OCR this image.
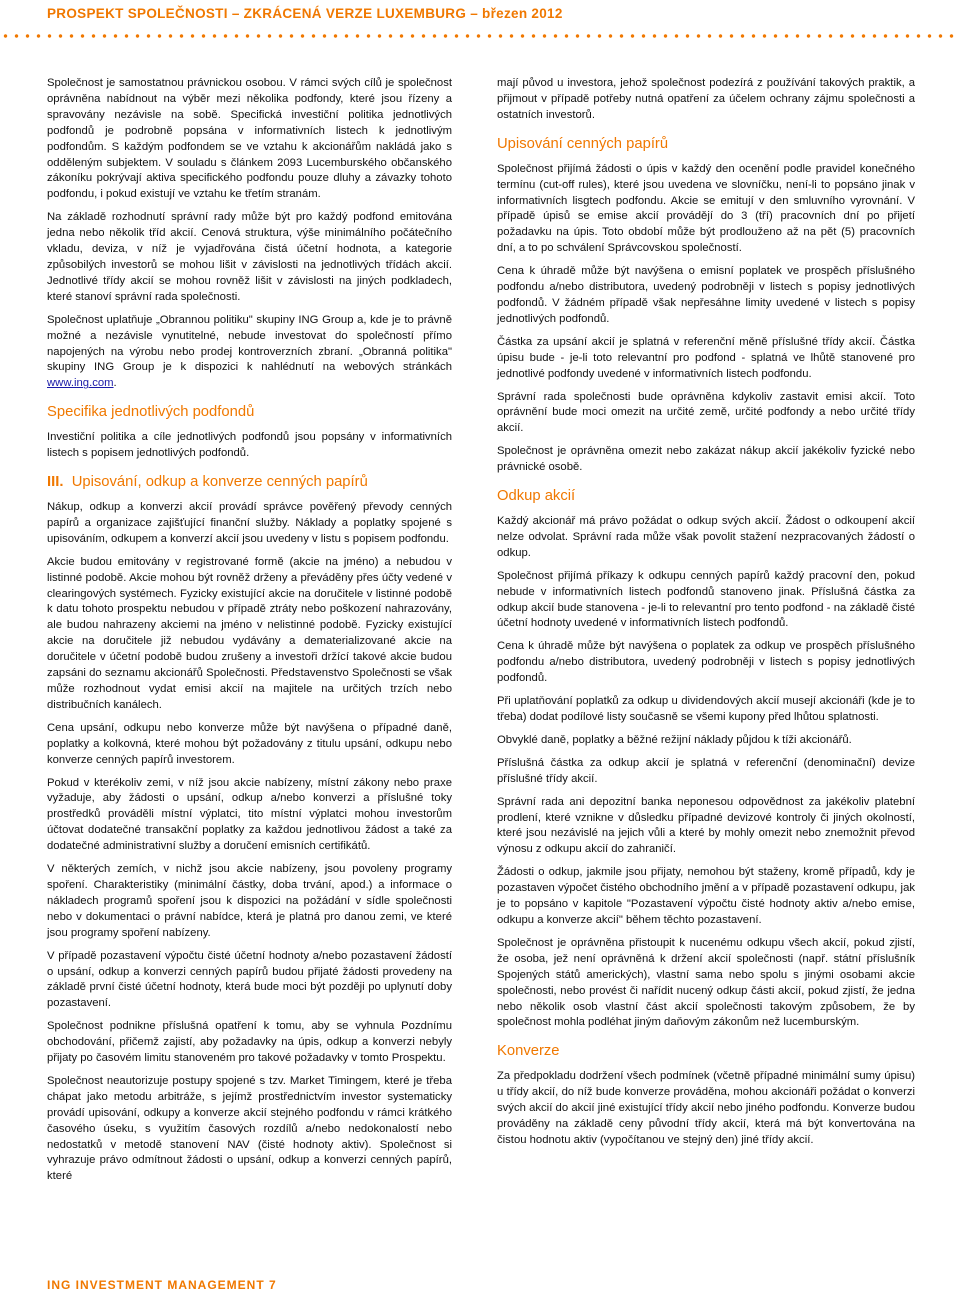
PROSPEKT SPOLEČNOSTI – ZKRÁCENÁ VERZE LUXEMBURG – březen 2012

Společnost je samostatnou právnickou osobou. V rámci svých cílů je společnost oprávněna nabídnout na výběr mezi několika podfondy, které jsou řízeny a spravovány nezávisle na sobě. Specifická investiční politika jednotlivých podfondů je podrobně popsána v informativních listech k jednotlivým podfondům. S každým podfondem se ve vztahu k akcionářům nakládá jako s odděleným subjektem. V souladu s článkem 2093 Lucemburského občanského zákoníku pokrývají aktiva specifického podfondu pouze dluhy a závazky tohoto podfondu, i pokud existují ve vztahu ke třetím stranám.

Na základě rozhodnutí správní rady může být pro každý podfond emitována jedna nebo několik tříd akcií. Cenová struktura, výše minimálního počátečního vkladu, deviza, v níž je vyjadřována čistá účetní hodnota, a kategorie způsobilých investorů se mohou lišit v závislosti na jednotlivých třídách akcií. Jednotlivé třídy akcií se mohou rovněž lišit v závislosti na jiných podkladech, které stanoví správní rada společnosti.

Společnost uplatňuje „Obrannou politiku" skupiny ING Group a, kde je to právně možné a nezávisle vynutitelné, nebude investovat do společností přímo napojených na výrobu nebo prodej kontroverzních zbraní. „Obranná politika" skupiny ING Group je k dispozici k nahlédnutí na webových stránkách www.ing.com.

Specifika jednotlivých podfondů

Investiční politika a cíle jednotlivých podfondů jsou popsány v informativních listech s popisem jednotlivých podfondů.

III. Upisování, odkup a konverze cenných papírů

Nákup, odkup a konverzi akcií provádí správce pověřený převody cenných papírů a organizace zajišťující finanční služby. Náklady a poplatky spojené s upisováním, odkupem a konverzí akcií jsou uvedeny v listu s popisem podfondu.

Akcie budou emitovány v registrované formě (akcie na jméno) a nebudou v listinné podobě. Akcie mohou být rovněž drženy a převáděny přes účty vedené v clearingových systémech. Fyzicky existující akcie na doručitele v listinné podobě k datu tohoto prospektu nebudou v případě ztráty nebo poškození nahrazovány, ale budou nahrazeny akciemi na jméno v nelistinné podobě. Fyzicky existující akcie na doručitele již nebudou vydávány a dematerializované akcie na doručitele v účetní podobě budou zrušeny a investoři držící takové akcie budou zapsáni do seznamu akcionářů Společnosti. Představenstvo Společnosti se však může rozhodnout vydat emisi akcií na majitele na určitých trzích nebo distribučních kanálech.

Cena upsání, odkupu nebo konverze může být navýšena o případné daně, poplatky a kolkovná, které mohou být požadovány z titulu upsání, odkupu nebo konverze cenných papírů investorem.

Pokud v kterékoliv zemi, v níž jsou akcie nabízeny, místní zákony nebo praxe vyžaduje, aby žádosti o upsání, odkup a/nebo konverzi a příslušné toky prostředků prováděli místní výplatci, tito místní výplatci mohou investorům účtovat dodatečné transakční poplatky za každou jednotlivou žádost a také za dodatečné administrativní služby a doručení emisních certifikátů.

V některých zemích, v nichž jsou akcie nabízeny, jsou povoleny programy spoření. Charakteristiky (minimální částky, doba trvání, apod.) a informace o nákladech programů spoření jsou k dispozici na požádání v sídle společnosti nebo v dokumentaci o právní nabídce, která je platná pro danou zemi, ve které jsou programy spoření nabízeny.

V případě pozastavení výpočtu čisté účetní hodnoty a/nebo pozastavení žádostí o upsání, odkup a konverzi cenných papírů budou přijaté žádosti provedeny na základě první čisté účetní hodnoty, která bude moci být později po uplynutí doby pozastavení.

Společnost podnikne příslušná opatření k tomu, aby se vyhnula Pozdnímu obchodování, přičemž zajistí, aby požadavky na úpis, odkup a konverzi nebyly přijaty po časovém limitu stanoveném pro takové požadavky v tomto Prospektu.

Společnost neautorizuje postupy spojené s tzv. Market Timingem, které je třeba chápat jako metodu arbitráže, s jejímž prostřednictvím investor systematicky provádí upisování, odkupy a konverze akcií stejného podfondu v rámci krátkého časového úseku, s využitím časových rozdílů a/nebo nedokonalostí nebo nedostatků v metodě stanovení NAV (čisté hodnoty aktiv). Společnost si vyhrazuje právo odmítnout žádosti o upsání, odkup a konverzi cenných papírů, které

mají původ u investora, jehož společnost podezírá z používání takových praktik, a přijmout v případě potřeby nutná opatření za účelem ochrany zájmu společnosti a ostatních investorů.

Upisování cenných papírů

Společnost přijímá žádosti o úpis v každý den ocenění podle pravidel konečného termínu (cut-off rules), které jsou uvedena ve slovníčku, není-li to popsáno jinak v informativních lisgtech podfondu. Akcie se emitují v den smluvního vyrovnání. V případě úpisů se emise akcií provádějí do 3 (tří) pracovních dní po přijetí požadavku na úpis. Toto období může být prodlouženo až na pět (5) pracovních dní, a to po schválení Správcovskou společností.

Cena k úhradě může být navýšena o emisní poplatek ve prospěch příslušného podfondu a/nebo distributora, uvedený podrobněji v listech s popisy jednotlivých podfondů. V žádném případě však nepřesáhne limity uvedené v listech s popisy jednotlivých podfondů.

Částka za upsání akcií je splatná v referenční měně příslušné třídy akcií. Částka úpisu bude - je-li toto relevantní pro podfond - splatná ve lhůtě stanovené pro jednotlivé podfondy uvedené v informativních listech podfondu.

Správní rada společnosti bude oprávněna kdykoliv zastavit emisi akcií. Toto oprávnění bude moci omezit na určité země, určité podfondy a nebo určité třídy akcií.

Společnost je oprávněna omezit nebo zakázat nákup akcií jakékoliv fyzické nebo právnické osobě.

Odkup akcií

Každý akcionář má právo požádat o odkup svých akcií. Žádost o odkoupení akcií nelze odvolat. Správní rada může však povolit stažení nezpracovaných žádostí o odkup.

Společnost přijímá příkazy k odkupu cenných papírů každý pracovní den, pokud nebude v informativních listech podfondů stanoveno jinak. Příslušná částka za odkup akcií bude stanovena - je-li to relevantní pro tento podfond - na základě čisté účetní hodnoty uvedené v informativních listech podfondů.

Cena k úhradě může být navýšena o poplatek za odkup ve prospěch příslušného podfondu a/nebo distributora, uvedený podrobněji v listech s popisy jednotlivých podfondů.

Při uplatňování poplatků za odkup u dividendových akcií musejí akcionáři (kde je to třeba) dodat podílové listy současně se všemi kupony před lhůtou splatnosti.

Obvyklé daně, poplatky a běžné režijní náklady půjdou k tíži akcionářů.

Příslušná částka za odkup akcií je splatná v referenční (denominační) devize příslušné třídy akcií.

Správní rada ani depozitní banka neponesou odpovědnost za jakékoliv platební prodlení, které vznikne v důsledku případné devizové kontroly či jiných okolností, které jsou nezávislé na jejich vůli a které by mohly omezit nebo znemožnit převod výnosu z odkupu akcií do zahraničí.

Žádosti o odkup, jakmile jsou přijaty, nemohou být staženy, kromě případů, kdy je pozastaven výpočet čistého obchodního jmění a v případě pozastavení odkupu, jak je to popsáno v kapitole "Pozastavení výpočtu čisté hodnoty aktiv a/nebo emise, odkupu a konverze akcií" během těchto pozastavení.

Společnost je oprávněna přistoupit k nucenému odkupu všech akcií, pokud zjistí, že osoba, jež není oprávněná k držení akcií společnosti (např. státní příslušník Spojených států amerických), vlastní sama nebo spolu s jinými osobami akcie společnosti, nebo provést či nařídit nucený odkup části akcií, pokud zjistí, že jedna nebo několik osob vlastní část akcií společnosti takovým způsobem, že by společnost mohla podléhat jiným daňovým zákonům než lucemburským.

Konverze

Za předpokladu dodržení všech podmínek (včetně případné minimální sumy úpisu) u třídy akcií, do níž bude konverze prováděna, mohou akcionáři požádat o konverzi svých akcií do akcií jiné existující třídy akcií nebo jiného podfondu. Konverze budou prováděny na základě ceny původní třídy akcií, která má být konvertována na čistou hodnotu aktiv (vypočítanou ve stejný den) jiné třídy akcií.

ING INVESTMENT MANAGEMENT 7
